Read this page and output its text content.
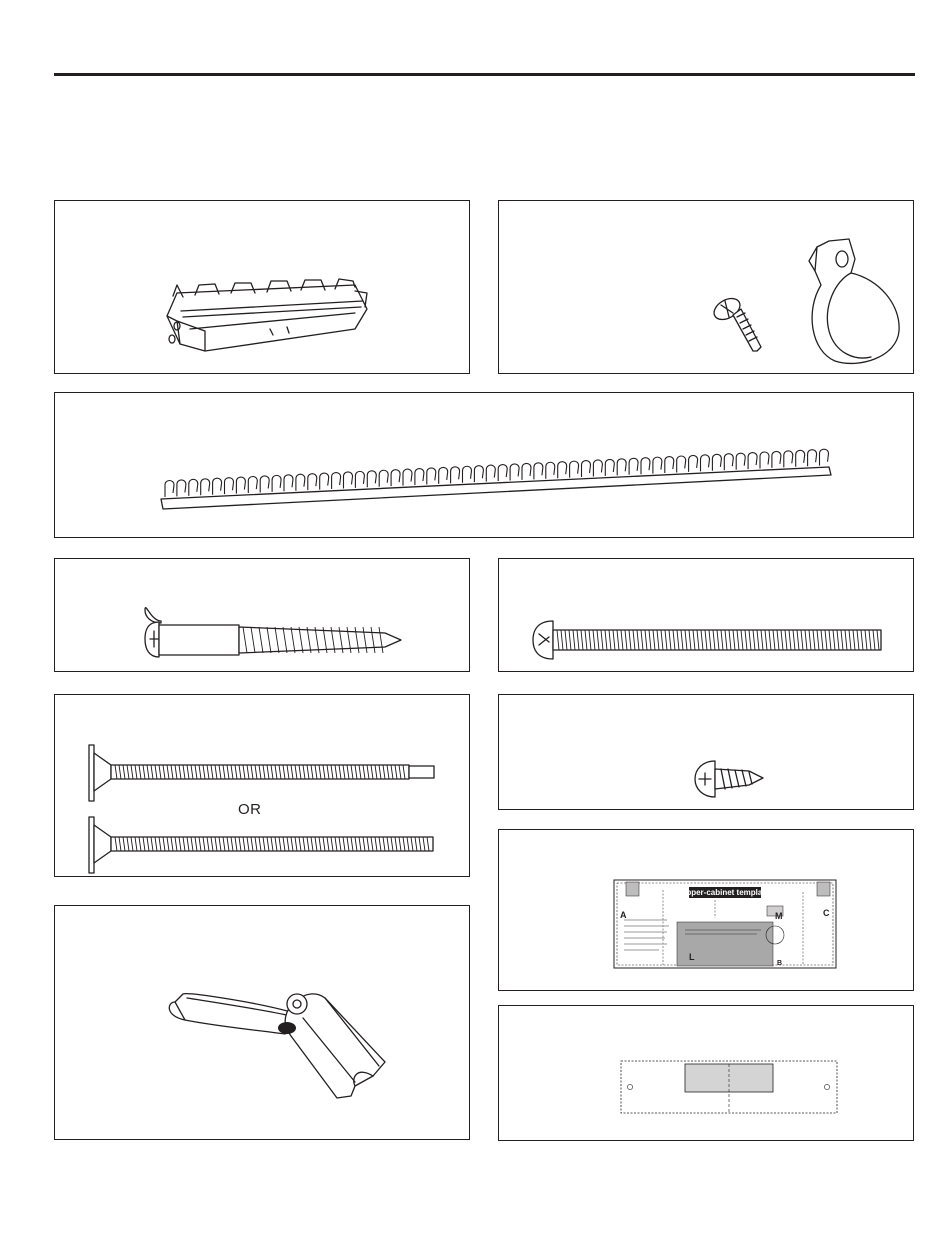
OR
Upper-cabinet template
A	C
M
L
B
